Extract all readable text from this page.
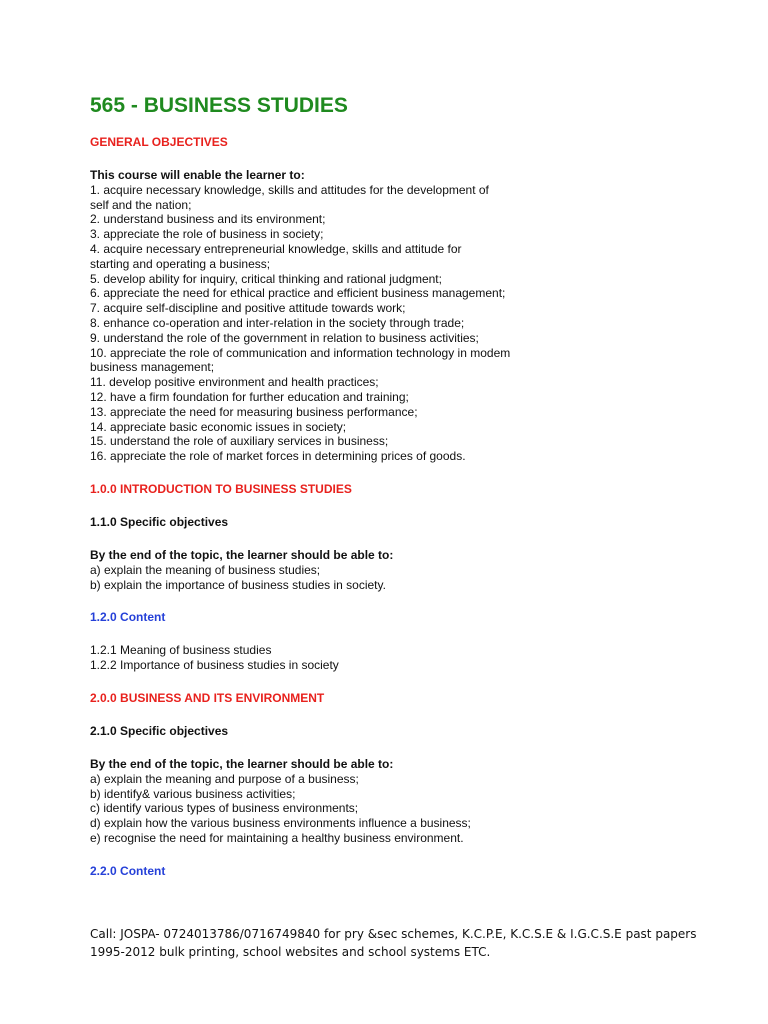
565 - BUSINESS STUDIES
GENERAL OBJECTIVES
This course will enable the learner to:
1. acquire necessary knowledge, skills and attitudes for the development of
self and the nation;
2. understand business and its environment;
3. appreciate the role of business in society;
4. acquire necessary entrepreneurial knowledge, skills and attitude for
starting and operating a business;
5. develop ability for inquiry, critical thinking and rational judgment;
6. appreciate the need for ethical practice and efficient business management;
7. acquire self-discipline and positive attitude towards work;
8. enhance co-operation and inter-relation in the society through trade;
9. understand the role of the government in relation to business activities;
10. appreciate the role of communication and information technology in modem
business management;
11. develop positive environment and health practices;
12. have a firm foundation for further education and training;
13. appreciate the need for measuring business performance;
14. appreciate basic economic issues in society;
15. understand the role of auxiliary services in business;
16. appreciate the role of market forces in determining prices of goods.
1.0.0 INTRODUCTION TO BUSINESS STUDIES
1.1.0 Specific objectives
By the end of the topic, the learner should be able to:
a) explain the meaning of business studies;
b) explain the importance of business studies in society.
1.2.0 Content
1.2.1 Meaning of business studies
1.2.2 Importance of business studies in society
2.0.0 BUSINESS AND ITS ENVIRONMENT
2.1.0 Specific objectives
By the end of the topic, the learner should be able to:
a) explain the meaning and purpose of a business;
b) identify& various business activities;
c) identify various types of business environments;
d) explain how the various business environments influence a business;
e) recognise the need for maintaining a healthy business environment.
2.2.0 Content
Call: JOSPA- 0724013786/0716749840 for pry &sec schemes, K.C.P.E, K.C.S.E & I.G.C.S.E past papers
1995-2012 bulk printing, school websites and school systems ETC.
